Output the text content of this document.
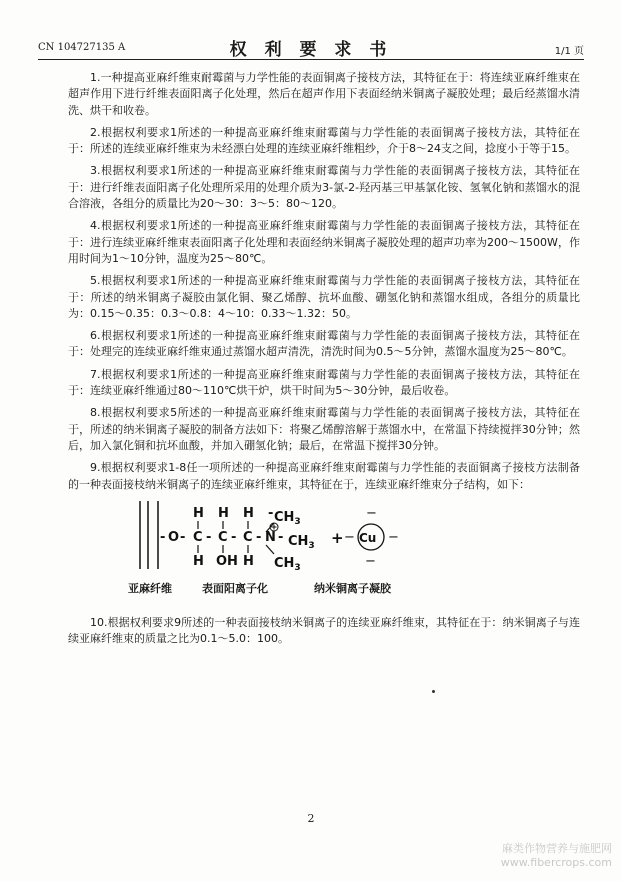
CN 104727135 A	权 利 要 求 书	1/1 页

1.一种提高亚麻纤维束耐霉菌与力学性能的表面铜离子接枝方法，其特征在于：将连续亚麻纤维束在超声作用下进行纤维表面阳离子化处理，然后在超声作用下表面经纳米铜离子凝胶处理；最后经蒸馏水清洗、烘干和收卷。

2.根据权利要求1所述的一种提高亚麻纤维束耐霉菌与力学性能的表面铜离子接枝方法，其特征在于：所述的连续亚麻纤维束为未经漂白处理的连续亚麻纤维粗纱，介于8～24支之间，捻度小于等于15。

3.根据权利要求1所述的一种提高亚麻纤维束耐霉菌与力学性能的表面铜离子接枝方法，其特征在于：进行纤维表面阳离子化处理所采用的处理介质为3-氯-2-羟丙基三甲基氯化铵、氢氧化钠和蒸馏水的混合溶液，各组分的质量比为20～30：3～5：80～120。

4.根据权利要求1所述的一种提高亚麻纤维束耐霉菌与力学性能的表面铜离子接枝方法，其特征在于：进行连续亚麻纤维束表面阳离子化处理和表面经纳米铜离子凝胶处理的超声功率为200～1500W，作用时间为1～10分钟，温度为25～80℃。

5.根据权利要求1所述的一种提高亚麻纤维束耐霉菌与力学性能的表面铜离子接枝方法，其特征在于：所述的纳米铜离子凝胶由氯化铜、聚乙烯醇、抗坏血酸、硼氢化钠和蒸馏水组成，各组分的质量比为：0.15～0.35：0.3～0.8：4～10：0.33～1.32：50。

6.根据权利要求1所述的一种提高亚麻纤维束耐霉菌与力学性能的表面铜离子接枝方法，其特征在于：处理完的连续亚麻纤维束通过蒸馏水超声清洗，清洗时间为0.5～5分钟，蒸馏水温度为25～80℃。

7.根据权利要求1所述的一种提高亚麻纤维束耐霉菌与力学性能的表面铜离子接枝方法，其特征在于：连续亚麻纤维通过80～110℃烘干炉，烘干时间为5～30分钟，最后收卷。

8.根据权利要求5所述的一种提高亚麻纤维束耐霉菌与力学性能的表面铜离子接枝方法，其特征在于，所述的纳米铜离子凝胶的制备方法如下：将聚乙烯醇溶解于蒸馏水中，在常温下持续搅拌30分钟；然后，加入氯化铜和抗坏血酸，并加入硼氢化钠；最后，在常温下搅拌30分钟。

9.根据权利要求1-8任一项所述的一种提高亚麻纤维束耐霉菌与力学性能的表面铜离子接枝方法制备的一种表面接枝纳米铜离子的连续亚麻纤维束，其特征在于，连续亚麻纤维束分子结构，如下：

H H H - $CH_3$
- O - C - C - C - N - $CH_3$
H OH H $CH_3$
+ − Cu
−
−
−
亚麻纤维	表面阳离子化	纳米铜离子凝胶

10.根据权利要求9所述的一种表面接枝纳米铜离子的连续亚麻纤维束，其特征在于：纳米铜离子与连续亚麻纤维束的质量之比为0.1～5.0：100。

2
麻类作物营养与施肥网
www.fibercrops.com
